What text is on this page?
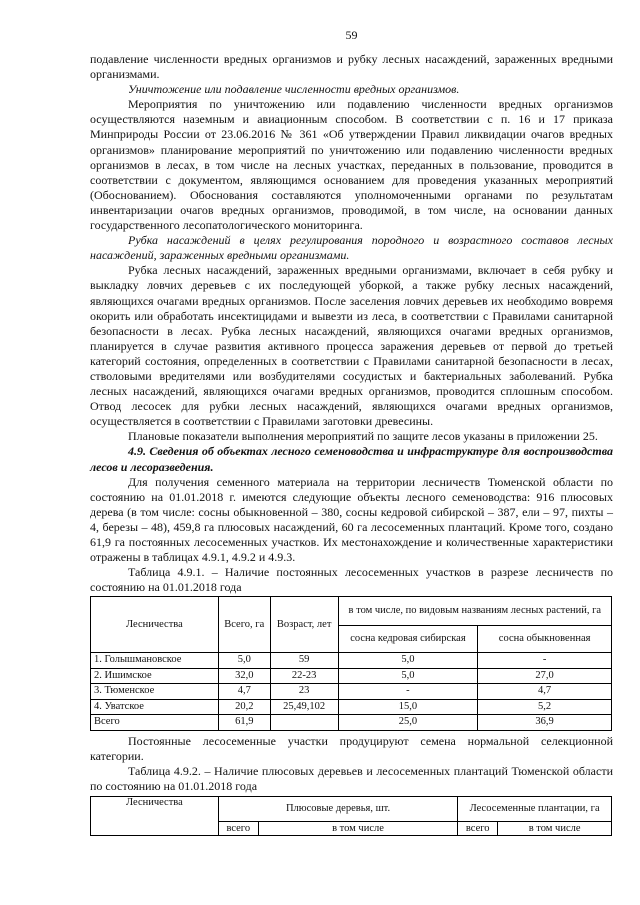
59

подавление численности вредных организмов и рубку лесных насаждений, зараженных вредными организмами.

Уничтожение или подавление численности вредных организмов.

Мероприятия по уничтожению или подавлению численности вредных организмов осуществляются наземным и авиационным способом. В соответствии с п. 16 и 17 приказа Минприроды России от 23.06.2016 № 361 «Об утверждении Правил ликвидации очагов вредных организмов» планирование мероприятий по уничтожению или подавлению численности вредных организмов в лесах, в том числе на лесных участках, переданных в пользование, проводится в соответствии с документом, являющимся основанием для проведения указанных мероприятий (Обоснованием). Обоснования составляются уполномоченными органами по результатам инвентаризации очагов вредных организмов, проводимой, в том числе, на основании данных государственного лесопатологического мониторинга.

Рубка насаждений в целях регулирования породного и возрастного составов лесных насаждений, зараженных вредными организмами.

Рубка лесных насаждений, зараженных вредными организмами, включает в себя рубку и выкладку ловчих деревьев с их последующей уборкой, а также рубку лесных насаждений, являющихся очагами вредных организмов. После заселения ловчих деревьев их необходимо вовремя окорить или обработать инсектицидами и вывезти из леса, в соответствии с Правилами санитарной безопасности в лесах. Рубка лесных насаждений, являющихся очагами вредных организмов, планируется в случае развития активного процесса заражения деревьев от первой до третьей категорий состояния, определенных в соответствии с Правилами санитарной безопасности в лесах, стволовыми вредителями или возбудителями сосудистых и бактериальных заболеваний. Рубка лесных насаждений, являющихся очагами вредных организмов, проводится сплошным способом. Отвод лесосек для рубки лесных насаждений, являющихся очагами вредных организмов, осуществляется в соответствии с Правилами заготовки древесины.

Плановые показатели выполнения мероприятий по защите лесов указаны в приложении 25.

4.9. Сведения об объектах лесного семеноводства и инфраструктуре для воспроизводства лесов и лесоразведения.

Для получения семенного материала на территории лесничеств Тюменской области по состоянию на 01.01.2018 г. имеются следующие объекты лесного семеноводства: 916 плюсовых дерева (в том числе: сосны обыкновенной – 380, сосны кедровой сибирской – 387, ели – 97, пихты – 4, березы – 48), 459,8 га плюсовых насаждений, 60 га лесосеменных плантаций. Кроме того, создано 61,9 га постоянных лесосеменных участков. Их местонахождение и количественные характеристики отражены в таблицах 4.9.1, 4.9.2 и 4.9.3.

Таблица 4.9.1. – Наличие постоянных лесосеменных участков в разрезе лесничеств по состоянию на 01.01.2018 года

Лесничества	Всего, га	Возраст, лет	в том числе, по видовым названиям лесных растений, га	
			сосна кедровая сибирская	сосна обыкновенная
1. Голышмановское	5,0	59	5,0	-
2. Ишимское	32,0	22-23	5,0	27,0
3. Тюменское	4,7	23	-	4,7
4. Уватское	20,2	25,49,102	15,0	5,2
Всего	61,9		25,0	36,9

Постоянные лесосеменные участки продуцируют семена нормальной селекционной категории.

Таблица 4.9.2. – Наличие плюсовых деревьев и лесосеменных плантаций Тюменской области по состоянию на 01.01.2018 года

Лесничества	Плюсовые деревья, шт.		Лесосеменные плантации, га	
	всего	в том числе	всего	в том числе
